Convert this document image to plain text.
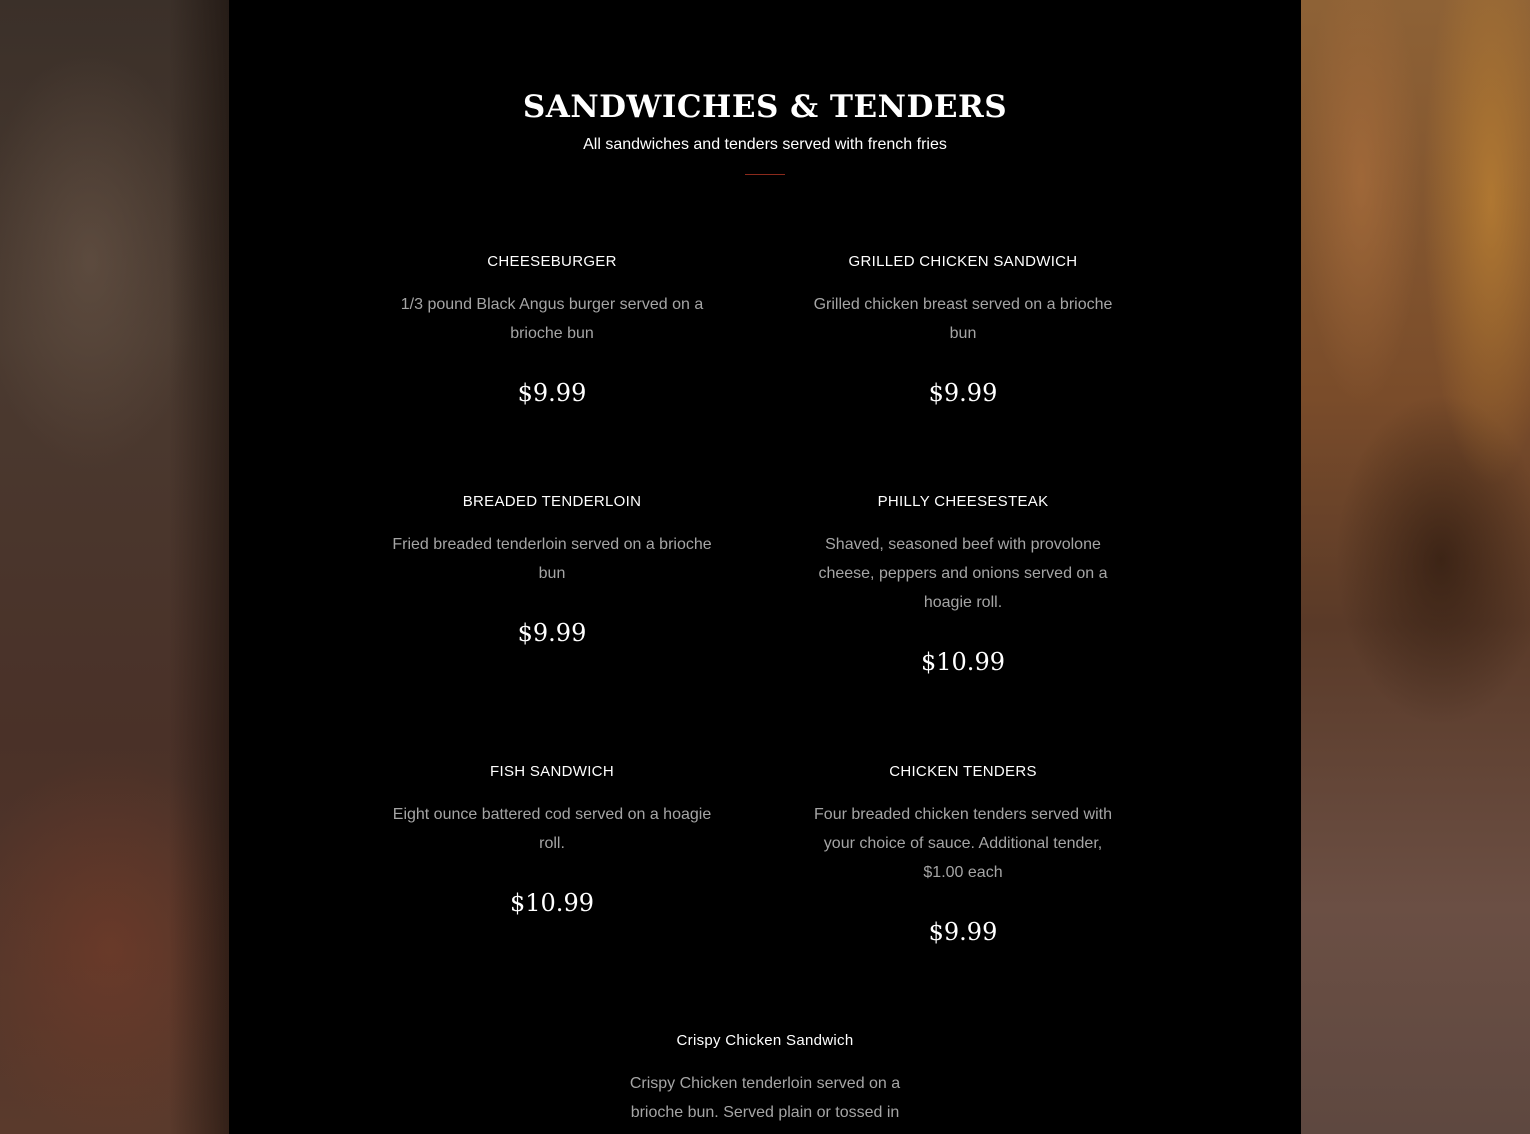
SANDWICHES & TENDERS
All sandwiches and tenders served with french fries

CHEESEBURGER

1/3 pound Black Angus burger served on a brioche bun

$9.99

GRILLED CHICKEN SANDWICH

Grilled chicken breast served on a brioche bun

$9.99

BREADED TENDERLOIN

Fried breaded tenderloin served on a brioche bun

$9.99

PHILLY CHEESESTEAK

Shaved, seasoned beef with provolone cheese, peppers and onions served on a hoagie roll.

$10.99

FISH SANDWICH

Eight ounce battered cod served on a hoagie roll.

$10.99

CHICKEN TENDERS

Four breaded chicken tenders served with your choice of sauce. Additional tender, $1.00 each

$9.99

Crispy Chicken Sandwich

Crispy Chicken tenderloin served on a brioche bun. Served plain or tossed in
